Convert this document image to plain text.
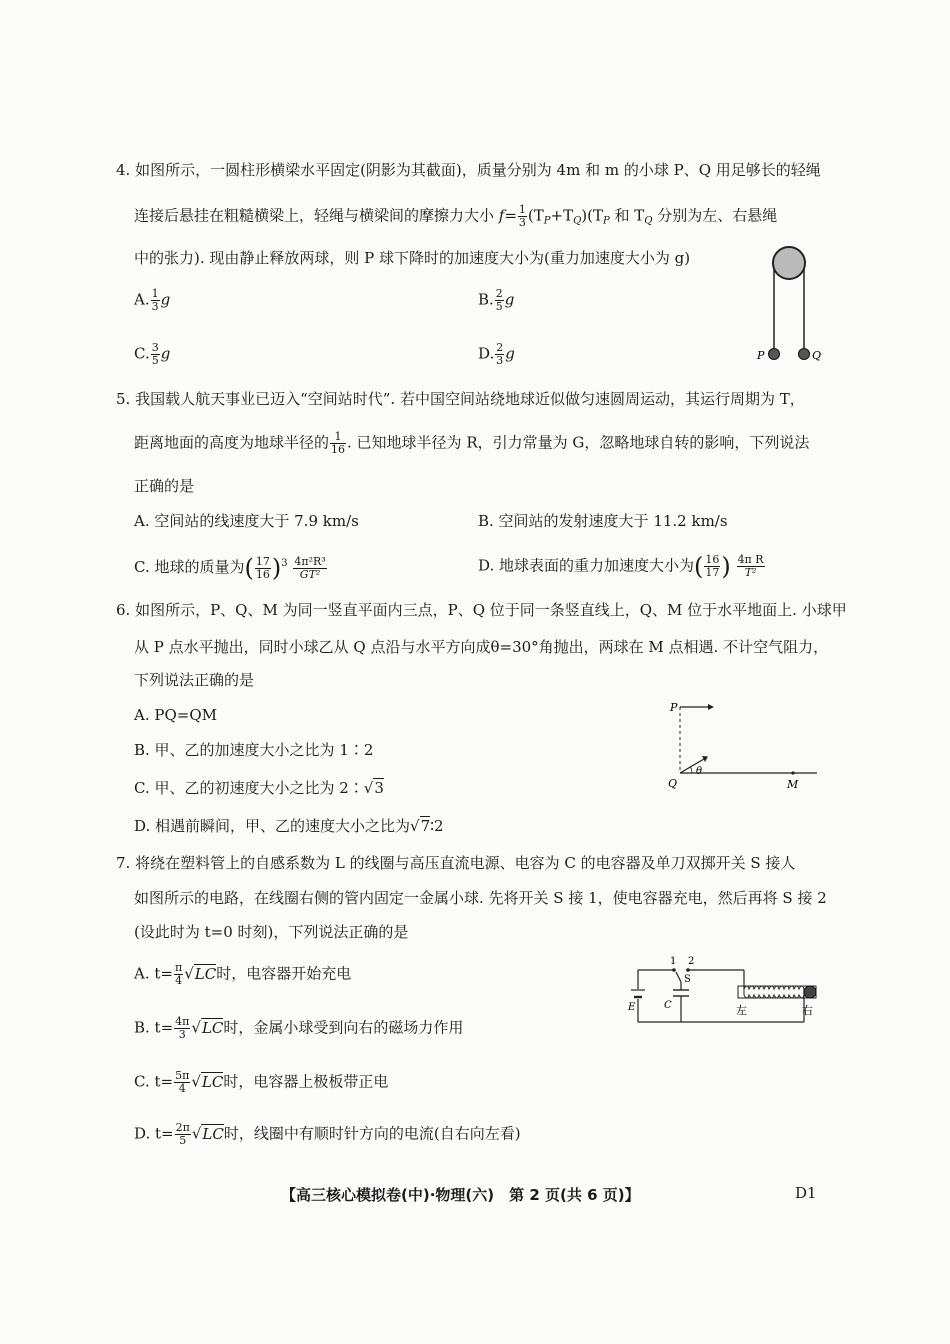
4. 如图所示，一圆柱形横梁水平固定(阴影为其截面)，质量分别为 4m 和 m 的小球 P、Q 用足够长的轻绳
连接后悬挂在粗糙横梁上，轻绳与横梁间的摩擦力大小 $f= \frac{1}{3} (T_P+T_Q)(T_P$ 和 $T_Q$ 分别为左、右悬绳
中的张力). 现由静止释放两球，则 P 球下降时的加速度大小为(重力加速度大小为 g)
A. $\frac{1}{3}$ g	B. $\frac{2}{5}$ g
C. $\frac{3}{5}$ g	D. $\frac{2}{3}$ g	P	Q
5. 我国载人航天事业已迈入“空间站时代”. 若中国空间站绕地球近似做匀速圆周运动，其运行周期为 T，
距离地面的高度为地球半径的 $\frac{1}{16}$ . 已知地球半径为 R，引力常量为 G，忽略地球自转的影响，下列说法
正确的是
A. 空间站的线速度大于 7.9 km/s	B. 空间站的发射速度大于 11.2 km/s
C. 地球的质量为( $\frac{17}{16} )^3 \frac{\text{4π²R³}}{\text{GT²}}$	D. 地球表面的重力加速度大小为( $\frac{16}{17}$ ) $\frac{\text{4π R}}{\text{T²}}$
6. 如图所示，P、Q、M 为同一竖直平面内三点，P、Q 位于同一条竖直线上，Q、M 位于水平地面上. 小球甲
从 P 点水平抛出，同时小球乙从 Q 点沿与水平方向成θ=30°角抛出，两球在 M 点相遇. 不计空气阻力，
下列说法正确的是
A. PQ=QM
B. 甲、乙的加速度大小之比为 1∶2
C. 甲、乙的初速度大小之比为 2∶√3
D. 相遇前瞬间，甲、乙的速度大小之比为√7∶2
P
Q	M
θ
7. 将绕在塑料管上的自感系数为 L 的线圈与高压直流电源、电容为 C 的电容器及单刀双掷开关 S 接人
如图所示的电路，在线圈右侧的管内固定一金属小球. 先将开关 S 接 1，使电容器充电，然后再将 S 接 2
(设此时为 t=0 时刻)，下列说法正确的是
A. $t= \frac{\pi}{4} √LC$时，电容器开始充电
B. $t= \frac{4\pi}{3} √LC$时，金属小球受到向右的磁场力作用
C. $t= \frac{5\pi}{4} √LC$时，电容器上极板带正电
D. $t= \frac{2\pi}{5} √LC$时，线圈中有顺时针方向的电流(自右向左看)
1 2
S
E	C	左	右
【高三核心模拟卷(中)·物理(六)　第 2 页(共 6 页)】	D1
